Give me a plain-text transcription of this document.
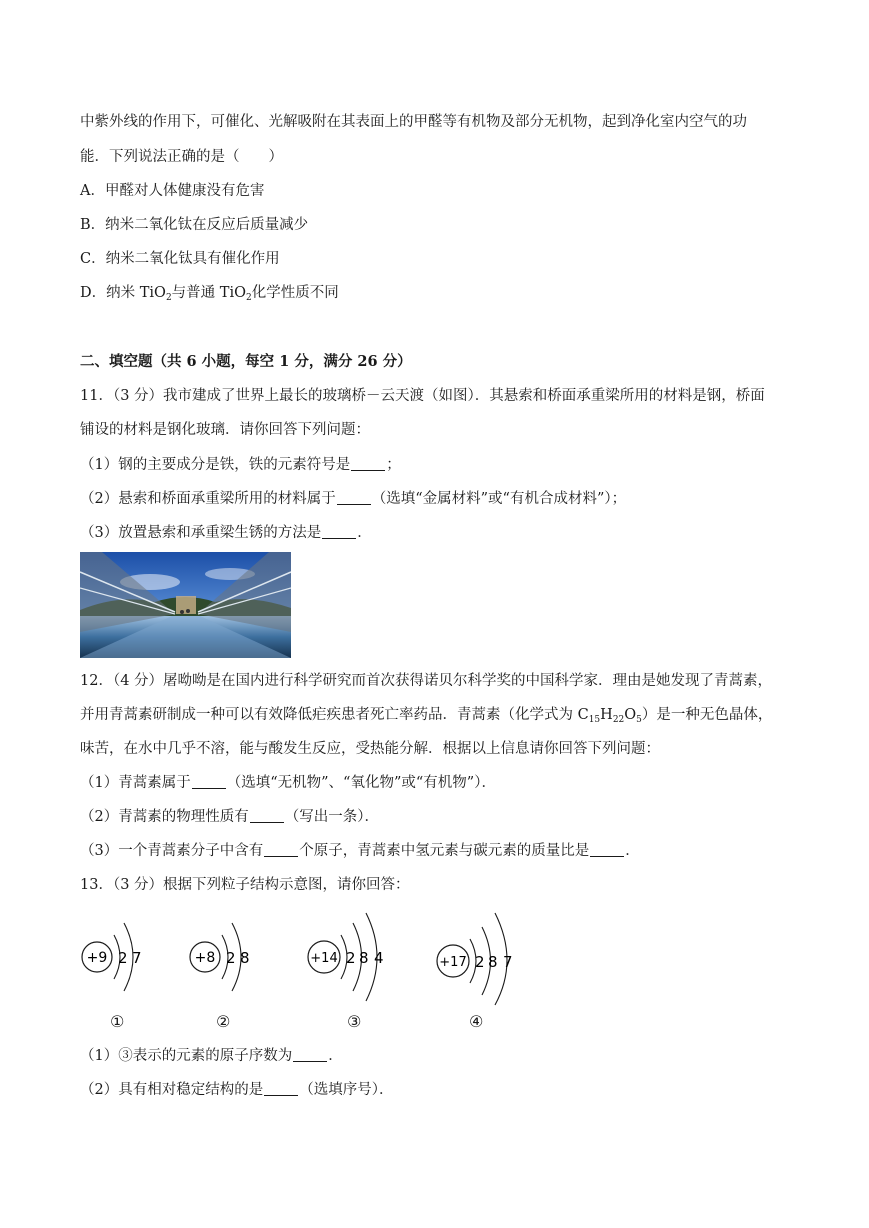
中紫外线的作用下，可催化、光解吸附在其表面上的甲醛等有机物及部分无机物，起到净化室内空气的功
能．下列说法正确的是（　　）
A．甲醛对人体健康没有危害
B．纳米二氧化钛在反应后质量减少
C．纳米二氧化钛具有催化作用
D．纳米 TiO$_2$与普通 TiO$_2$化学性质不同
二、填空题（共 6 小题，每空 1 分，满分 26 分）
11．（3 分）我市建成了世界上最长的玻璃桥－云天渡（如图）．其悬索和桥面承重梁所用的材料是钢，桥面
铺设的材料是钢化玻璃．请你回答下列问题：
（1）钢的主要成分是铁，铁的元素符号是 ；
（2）悬索和桥面承重梁所用的材料属于 （选填“金属材料”或“有机合成材料”）；
（3）放置悬索和承重梁生锈的方法是 ．
12．（4 分）屠呦呦是在国内进行科学研究而首次获得诺贝尔科学奖的中国科学家．理由是她发现了青蒿素，
并用青蒿素研制成一种可以有效降低疟疾患者死亡率药品．青蒿素（化学式为 $C_{15}H_{22}O_5$）是一种无色晶体，
味苦，在水中几乎不溶，能与酸发生反应，受热能分解．根据以上信息请你回答下列问题：
（1）青蒿素属于 （选填“无机物”、“氧化物”或“有机物”）．
（2）青蒿素的物理性质有 （写出一条）．
（3）一个青蒿素分子中含有 个原子，青蒿素中氢元素与碳元素的质量比是 ．
13．（3 分）根据下列粒子结构示意图，请你回答：
+9 2 7	+8 2 8	+14 2 8 4	+17 2 8 7
①	②	③	④
（1）③表示的元素的原子序数为 ．
（2）具有相对稳定结构的是 （选填序号）．
